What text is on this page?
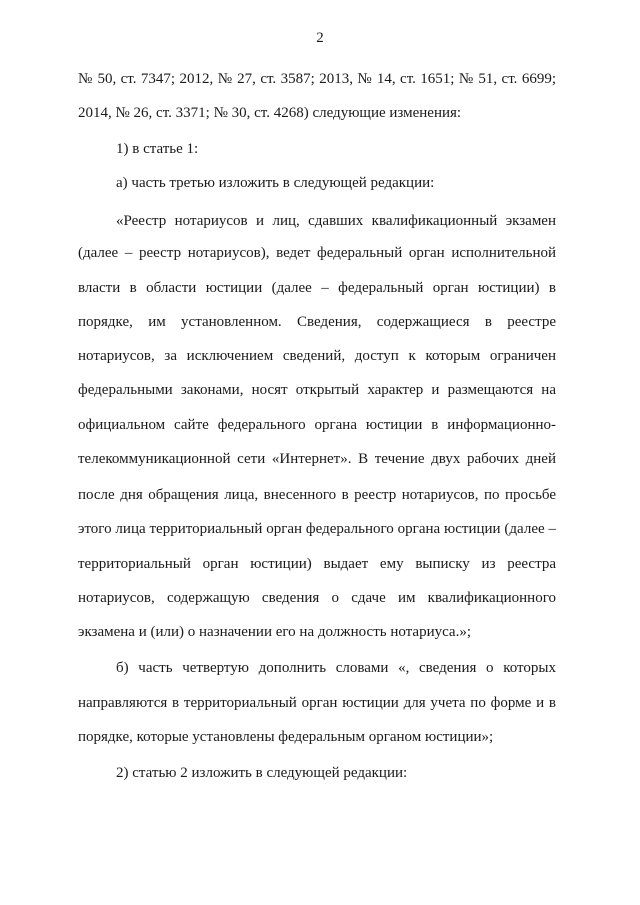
2
№ 50, ст. 7347; 2012, № 27, ст. 3587; 2013, № 14, ст. 1651; № 51, ст. 6699;
2014, № 26, ст. 3371; № 30, ст. 4268) следующие изменения:
1) в статье 1:
а) часть третью изложить в следующей редакции:
«Реестр нотариусов и лиц, сдавших квалификационный экзамен
(далее – реестр нотариусов), ведет федеральный орган исполнительной
власти в области юстиции (далее – федеральный орган юстиции) в
порядке, им установленном. Сведения, содержащиеся в реестре
нотариусов, за исключением сведений, доступ к которым ограничен
федеральными законами, носят открытый характер и размещаются на
официальном сайте федерального органа юстиции в информационно-
телекоммуникационной сети «Интернет». В течение двух рабочих дней
после дня обращения лица, внесенного в реестр нотариусов, по просьбе
этого лица территориальный орган федерального органа юстиции (далее –
территориальный орган юстиции) выдает ему выписку из реестра
нотариусов, содержащую сведения о сдаче им квалификационного
экзамена и (или) о назначении его на должность нотариуса.»;
б) часть четвертую дополнить словами «, сведения о которых
направляются в территориальный орган юстиции для учета по форме и в
порядке, которые установлены федеральным органом юстиции»;
2) статью 2 изложить в следующей редакции:
